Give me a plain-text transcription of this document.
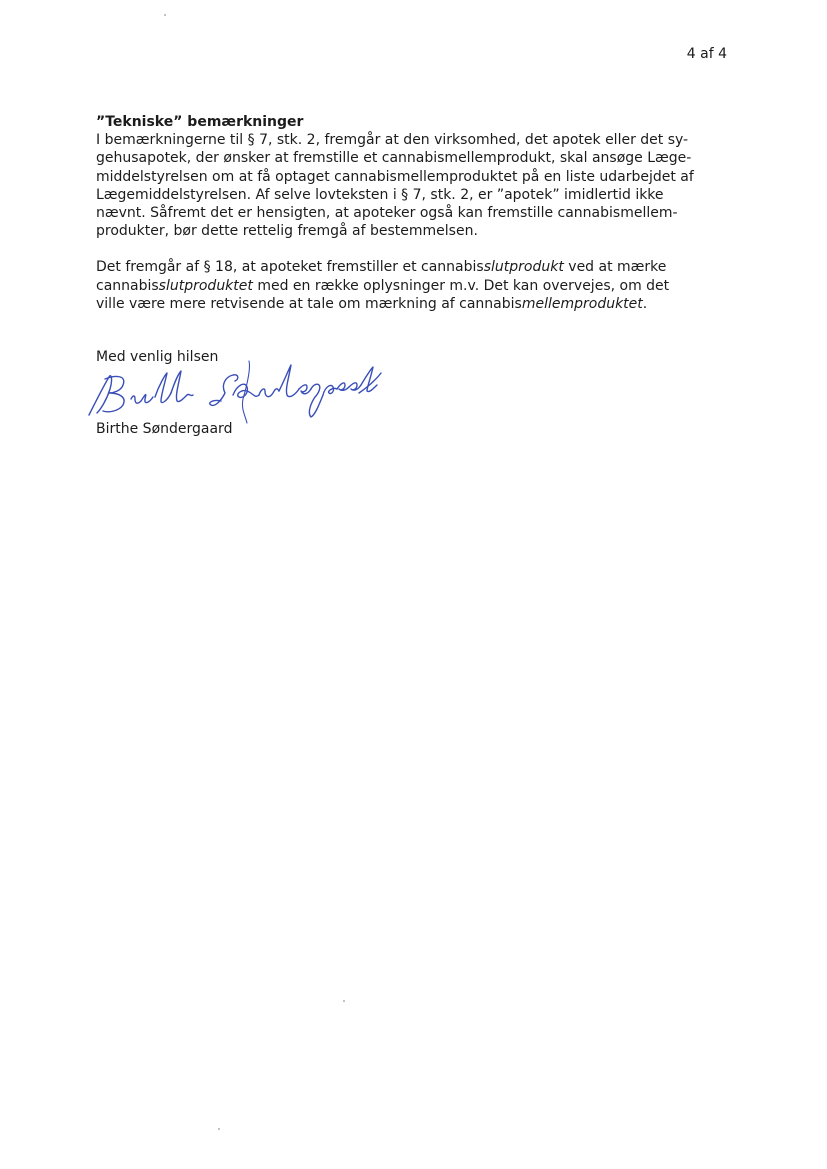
4 af 4

”Tekniske” bemærkninger

I bemærkningerne til § 7, stk. 2, fremgår at den virksomhed, det apotek eller det sy-
gehusapotek, der ønsker at fremstille et cannabismellemprodukt, skal ansøge Læge-
middelstyrelsen om at få optaget cannabismellemproduktet på en liste udarbejdet af
Lægemiddelstyrelsen. Af selve lovteksten i § 7, stk. 2, er ”apotek” imidlertid ikke
nævnt. Såfremt det er hensigten, at apoteker også kan fremstille cannabismellem-
produkter, bør dette rettelig fremgå af bestemmelsen.
Det fremgår af § 18, at apoteket fremstiller et cannabisslutprodukt ved at mærke
cannabisslutproduktet med en række oplysninger m.v. Det kan overvejes, om det
ville være mere retvisende at tale om mærkning af cannabismellemproduktet.
Med venlig hilsen
Birthe Søndergaard
